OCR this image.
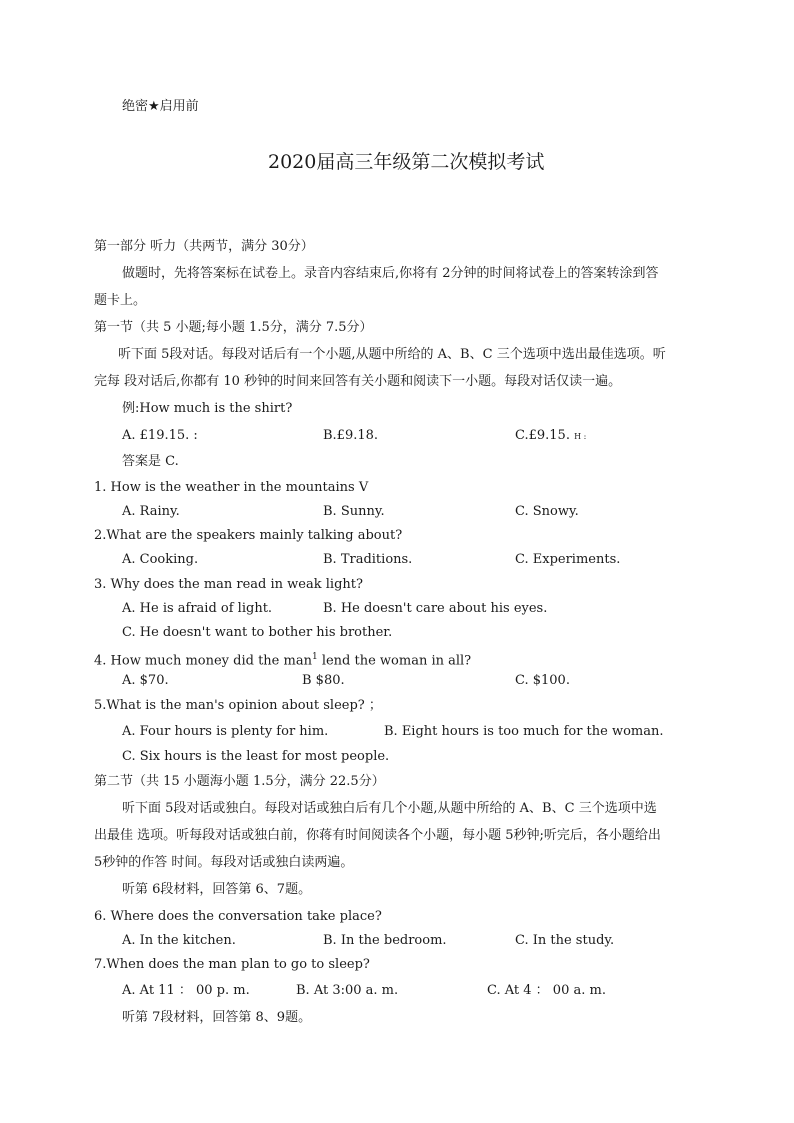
绝密★启用前
2020届高三年级第二次模拟考试
第一部分 听力（共两节，满分 30分）
做题时，先将答案标在试卷上。录音内容结束后,你将有 2分钟的时间将试卷上的答案转涂到答
题卡上。
第一节（共 5 小题;每小题 1.5分，满分 7.5分）
听下面 5段对话。每段对话后有一个小题,从题中所给的 A、B、C 三个选项中选出最佳选项。听
完每 段对话后,你都有 10 秒钟的时间来回答有关小题和阅读下一小题。每段对话仅读一遍。
例:How much is the shirt?
A. £19.15. :	B.£9.18.	C.£9.15. H :
答案是 C.
1. How is the weather in the mountains V
A. Rainy.	B. Sunny.	C. Snowy.
2.What are the speakers mainly talking about?
A. Cooking.	B. Traditions.	C. Experiments.
3. Why does the man read in weak light?
A. He is afraid of light.	B. He doesn't care about his eyes.
C. He doesn't want to bother his brother.
4. How much money did the man$^1$ lend the woman in all?
A. $70.	B $80.	C. $100.
5.What is the man's opinion about sleep? ；
A. Four hours is plenty for him.	B. Eight hours is too much for the woman.
C. Six hours is the least for most people.
第二节（共 15 小题海小题 1.5分，满分 22.5分）
听下面 5段对话或独白。每段对话或独白后有几个小题,从题中所给的 A、B、C 三个选项中选
出最佳 选项。听每段对话或独白前，你蒋有时间阅读各个小题，每小题 5秒钟;听完后，各小题给出
5秒钟的作答 时间。每段对话或独白读两遍。
听第 6段材料，回答第 6、7题。
6. Where does the conversation take place?
A. In the kitchen.	B. In the bedroom.	C. In the study.
7.When does the man plan to go to sleep?
A. At 11 ： 00 p. m.	B. At 3:00 a. m.	C. At 4 ： 00 a. m.
听第 7段材料，回答第 8、9题。
